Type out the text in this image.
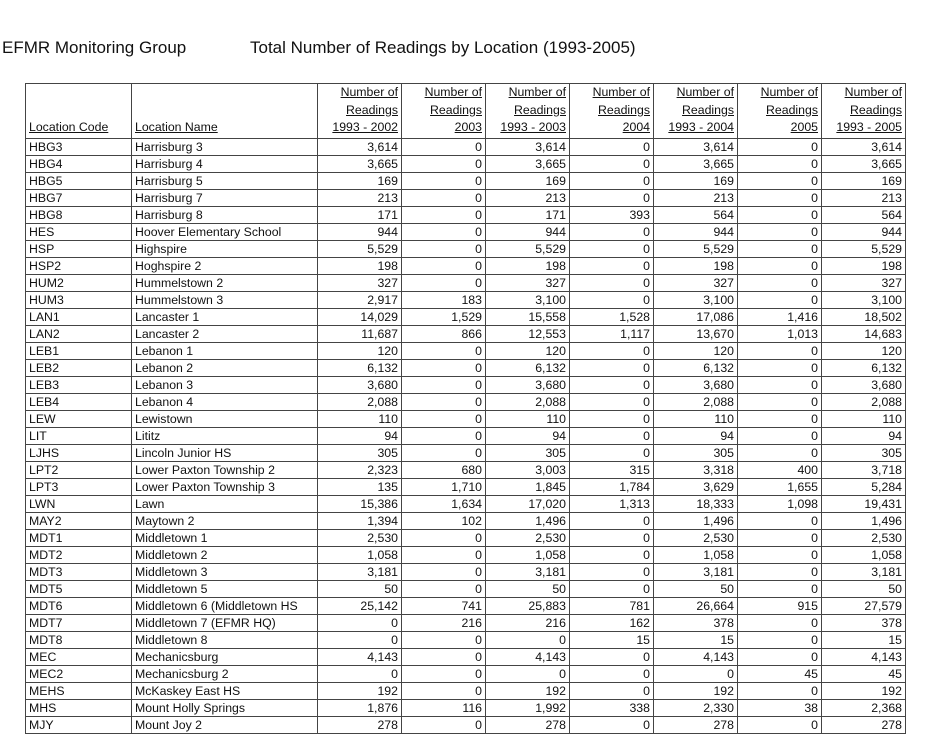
EFMR Monitoring Group	Total Number of Readings by Location (1993-2005)
Location Code	Location Name	Number of
Readings
1993 - 2002	Number of
Readings
2003	Number of
Readings
1993 - 2003	Number of
Readings
2004	Number of
Readings
1993 - 2004	Number of
Readings
2005	Number of
Readings
1993 - 2005

HBG3	Harrisburg 3	3,614	0	3,614	0	3,614	0	3,614
HBG4	Harrisburg 4	3,665	0	3,665	0	3,665	0	3,665
HBG5	Harrisburg 5	169	0	169	0	169	0	169
HBG7	Harrisburg 7	213	0	213	0	213	0	213
HBG8	Harrisburg 8	171	0	171	393	564	0	564
HES	Hoover Elementary School	944	0	944	0	944	0	944
HSP	Highspire	5,529	0	5,529	0	5,529	0	5,529
HSP2	Hoghspire 2	198	0	198	0	198	0	198
HUM2	Hummelstown 2	327	0	327	0	327	0	327
HUM3	Hummelstown 3	2,917	183	3,100	0	3,100	0	3,100
LAN1	Lancaster 1	14,029	1,529	15,558	1,528	17,086	1,416	18,502
LAN2	Lancaster 2	11,687	866	12,553	1,117	13,670	1,013	14,683
LEB1	Lebanon 1	120	0	120	0	120	0	120
LEB2	Lebanon 2	6,132	0	6,132	0	6,132	0	6,132
LEB3	Lebanon 3	3,680	0	3,680	0	3,680	0	3,680
LEB4	Lebanon 4	2,088	0	2,088	0	2,088	0	2,088
LEW	Lewistown	110	0	110	0	110	0	110
LIT	Lititz	94	0	94	0	94	0	94
LJHS	Lincoln Junior HS	305	0	305	0	305	0	305
LPT2	Lower Paxton Township 2	2,323	680	3,003	315	3,318	400	3,718
LPT3	Lower Paxton Township 3	135	1,710	1,845	1,784	3,629	1,655	5,284
LWN	Lawn	15,386	1,634	17,020	1,313	18,333	1,098	19,431
MAY2	Maytown 2	1,394	102	1,496	0	1,496	0	1,496
MDT1	Middletown 1	2,530	0	2,530	0	2,530	0	2,530
MDT2	Middletown 2	1,058	0	1,058	0	1,058	0	1,058
MDT3	Middletown 3	3,181	0	3,181	0	3,181	0	3,181
MDT5	Middletown 5	50	0	50	0	50	0	50
MDT6	Middletown 6 (Middletown HS	25,142	741	25,883	781	26,664	915	27,579
MDT7	Middletown 7 (EFMR HQ)	0	216	216	162	378	0	378
MDT8	Middletown 8	0	0	0	15	15	0	15
MEC	Mechanicsburg	4,143	0	4,143	0	4,143	0	4,143
MEC2	Mechanicsburg 2	0	0	0	0	0	45	45
MEHS	McKaskey East HS	192	0	192	0	192	0	192
MHS	Mount Holly Springs	1,876	116	1,992	338	2,330	38	2,368
MJY	Mount Joy 2	278	0	278	0	278	0	278
